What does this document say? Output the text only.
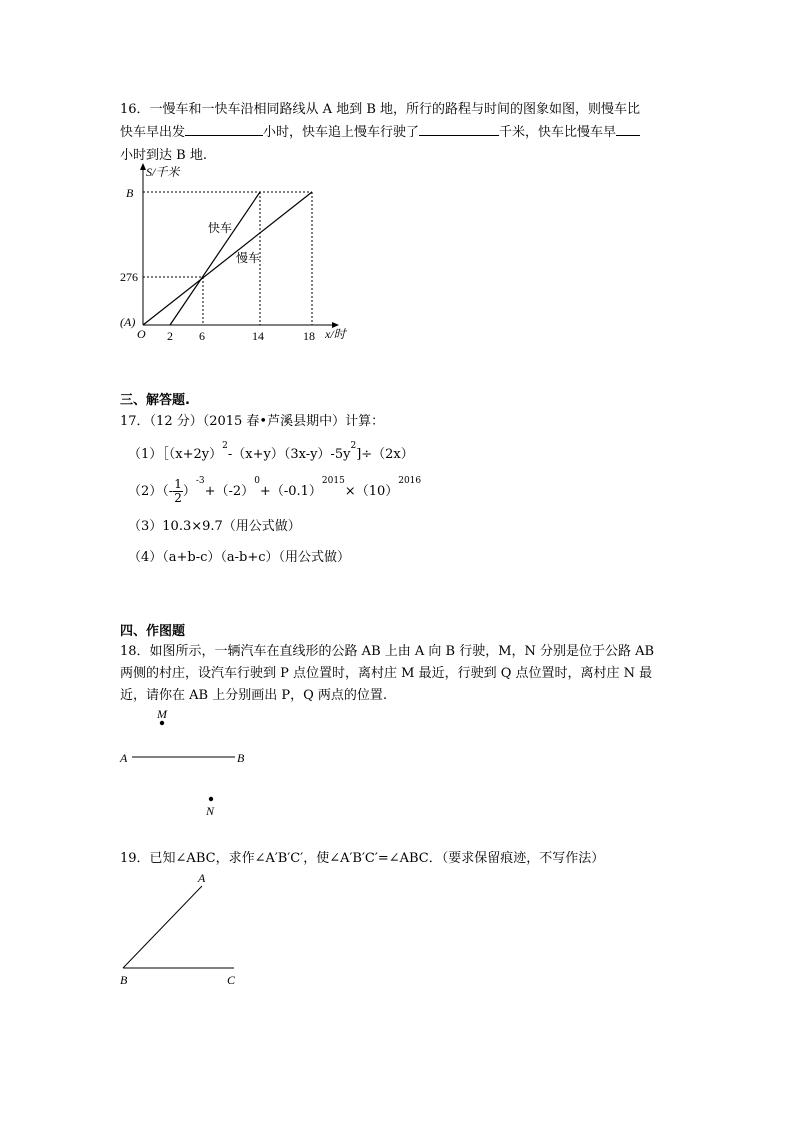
16．一慢车和一快车沿相同路线从 A 地到 B 地，所行的路程与时间的图象如图，则慢车比
快车早出发	小时，快车追上慢车行驶了	千米，快车比慢车早
小时到达 B 地.
S/千米
B
276
(A)
O 2 6	14	18 x/时
快车
慢车
三、解答题.
17．（12 分）（2015 春•芦溪县期中）计算：
$(1)[(x+2y)^2-(x+y)(3x-y)-5y^2]\div(2x)$
$(2)(- \frac{1}{2} )^{-3}+(-2)^0+(-0.1)^{2015}\times(10)^{2016}$
（3）10.3×9.7（用公式做）
（4）（a+b-c）（a-b+c）（用公式做）
四、作图题
18．如图所示，一辆汽车在直线形的公路 AB 上由 A 向 B 行驶，M，N 分别是位于公路 AB
两侧的村庄，设汽车行驶到 P 点位置时，离村庄 M 最近，行驶到 Q 点位置时，离村庄 N 最
近，请你在 AB 上分别画出 P，Q 两点的位置.
M
A	B
N
19．已知∠ABC，求作∠A′B′C′，使∠A′B′C′=∠ABC．（要求保留痕迹，不写作法）
A
B	C
